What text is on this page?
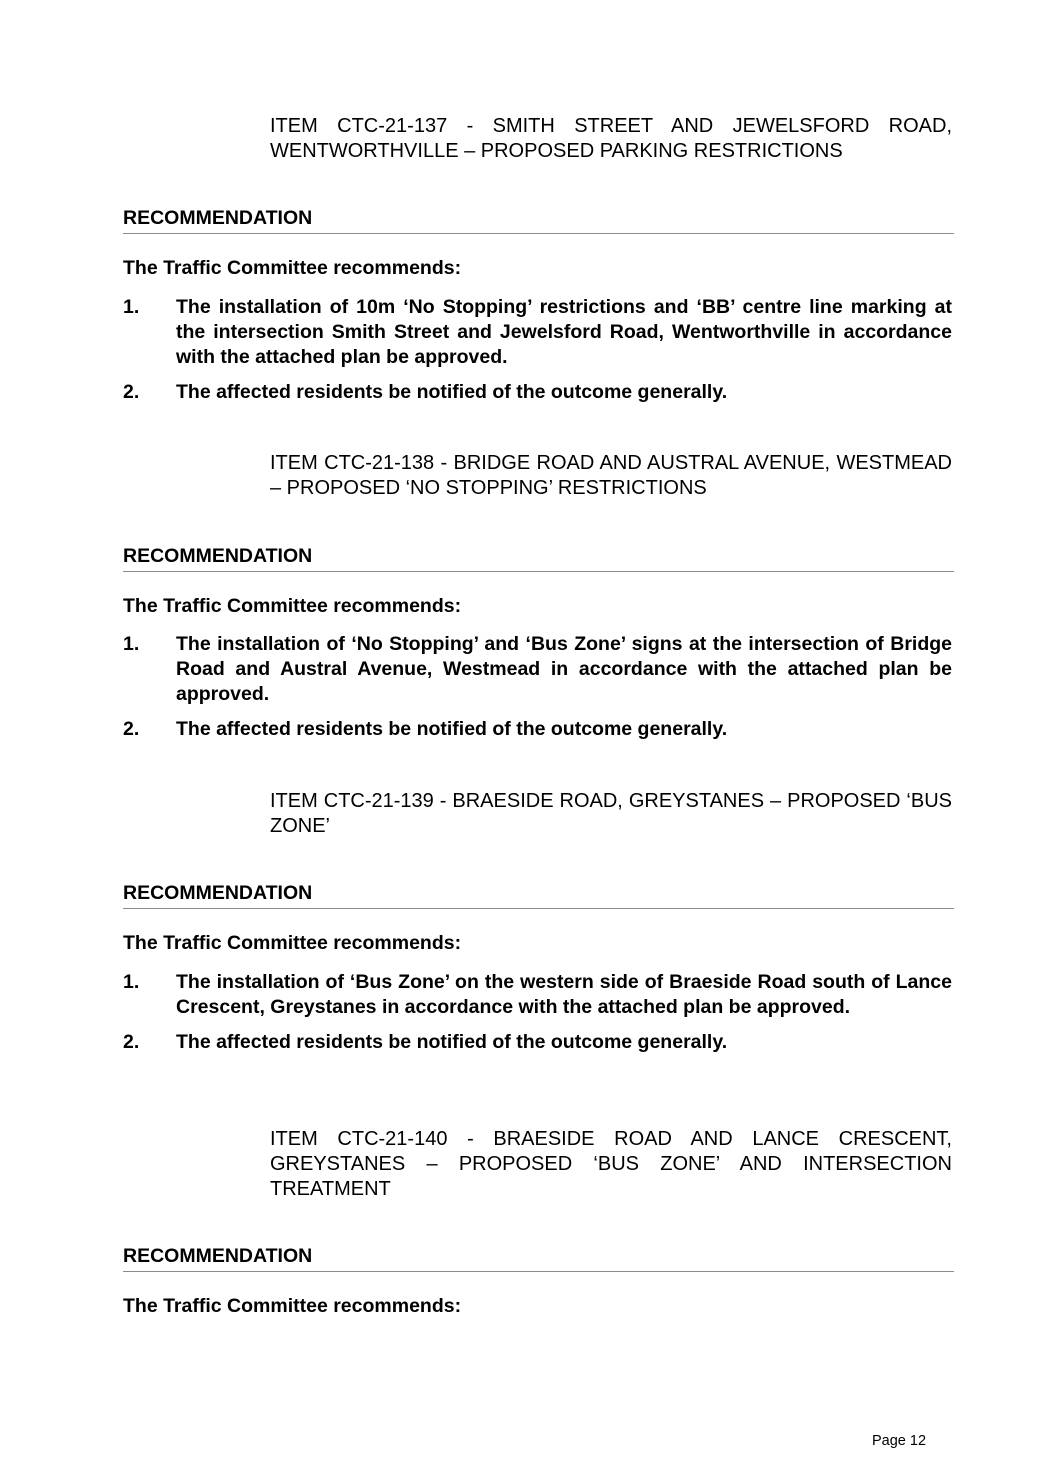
ITEM CTC-21-137 - SMITH STREET AND JEWELSFORD ROAD, WENTWORTHVILLE – PROPOSED PARKING RESTRICTIONS

RECOMMENDATION

The Traffic Committee recommends:

1.	The installation of 10m ‘No Stopping’ restrictions and ‘BB’ centre line marking at the intersection Smith Street and Jewelsford Road, Wentworthville in accordance with the attached plan be approved.
2.	The affected residents be notified of the outcome generally.

ITEM CTC-21-138 - BRIDGE ROAD AND AUSTRAL AVENUE, WESTMEAD – PROPOSED ‘NO STOPPING’ RESTRICTIONS

RECOMMENDATION

The Traffic Committee recommends:

1.	The installation of ‘No Stopping’ and ‘Bus Zone’ signs at the intersection of Bridge Road and Austral Avenue, Westmead in accordance with the attached plan be approved.
2.	The affected residents be notified of the outcome generally.

ITEM CTC-21-139 - BRAESIDE ROAD, GREYSTANES – PROPOSED ‘BUS ZONE’

RECOMMENDATION

The Traffic Committee recommends:

1.	The installation of ‘Bus Zone’ on the western side of Braeside Road south of Lance Crescent, Greystanes in accordance with the attached plan be approved.
2.	The affected residents be notified of the outcome generally.

ITEM CTC-21-140 - BRAESIDE ROAD AND LANCE CRESCENT, GREYSTANES – PROPOSED ‘BUS ZONE’ AND INTERSECTION TREATMENT

RECOMMENDATION

The Traffic Committee recommends:

Page 12
